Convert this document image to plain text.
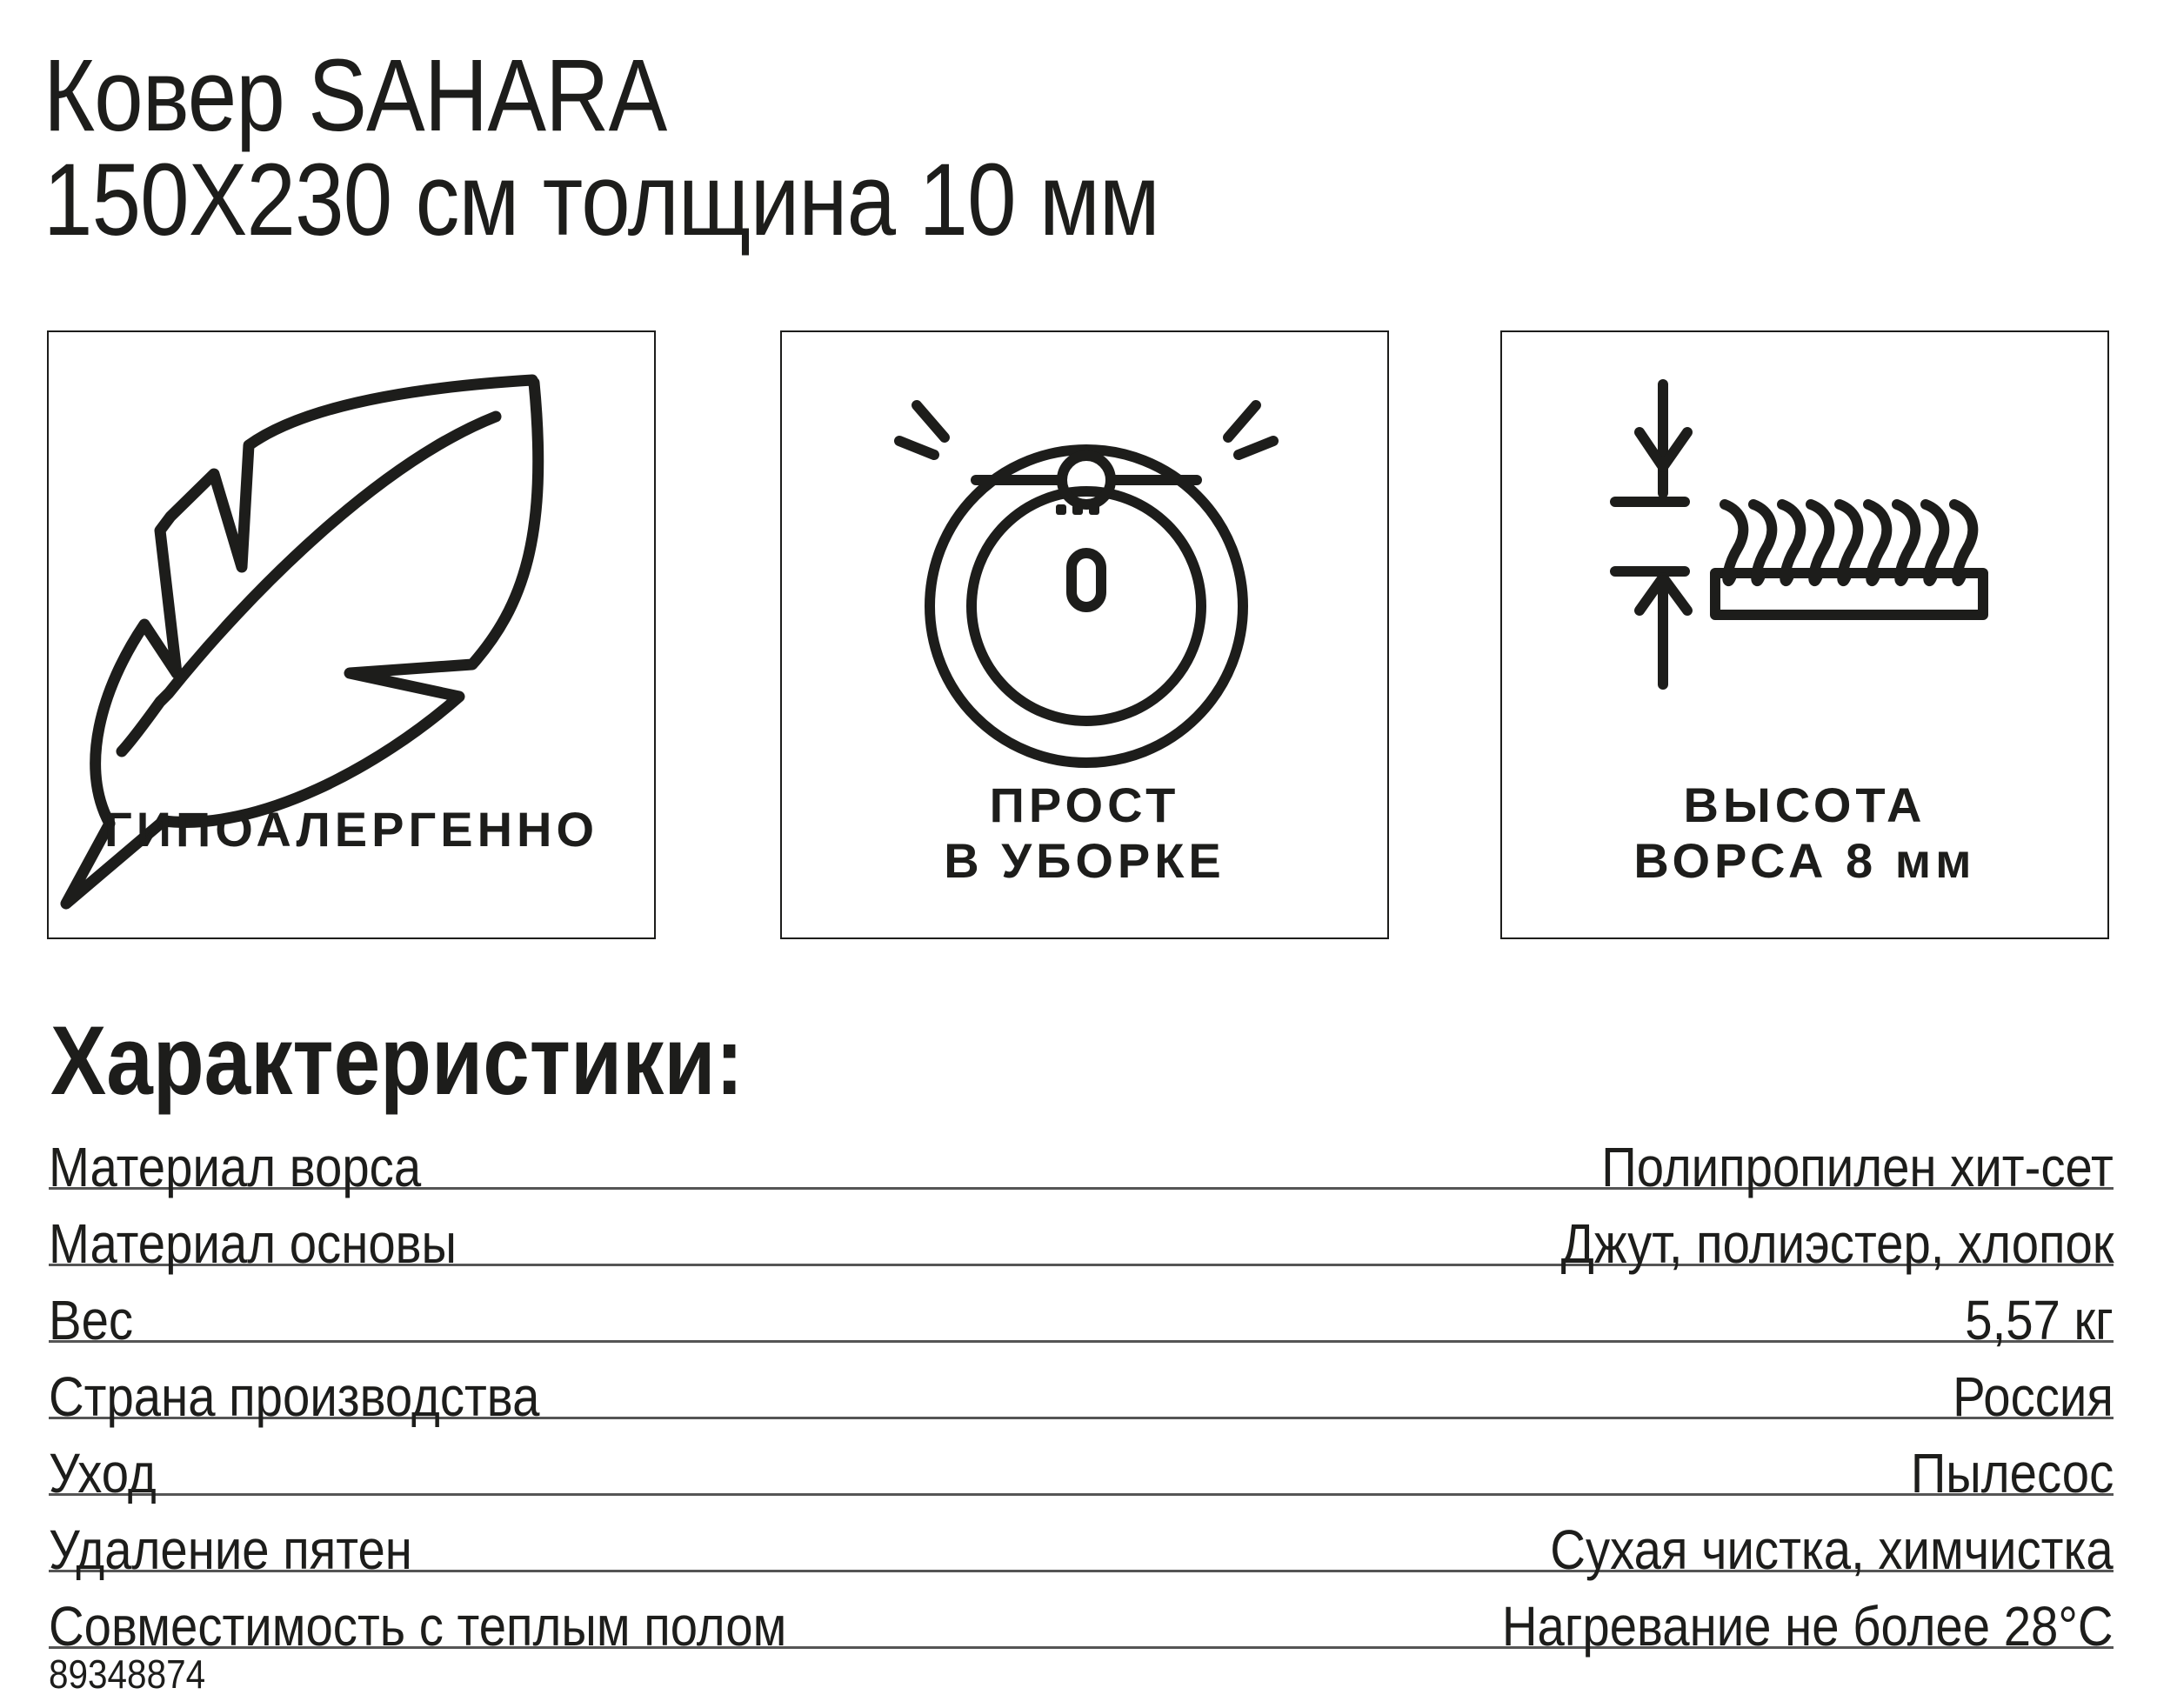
Ковер SAHARA
150X230 см толщина 10 мм
ГИПОАЛЕРГЕННО	ПРОСТ
В УБОРКЕ
ВЫСОТА
ВОРСА 8 мм
Характеристики:
Материал ворса	Полипропилен хит-сет
Материал основы	Джут, полиэстер, хлопок
Вес	5,57 кг
Страна производства	Россия
Уход	Пылесос
Удаление пятен	Сухая чистка, химчистка
Совместимость с теплым полом	Нагревание не более 28°С
89348874
